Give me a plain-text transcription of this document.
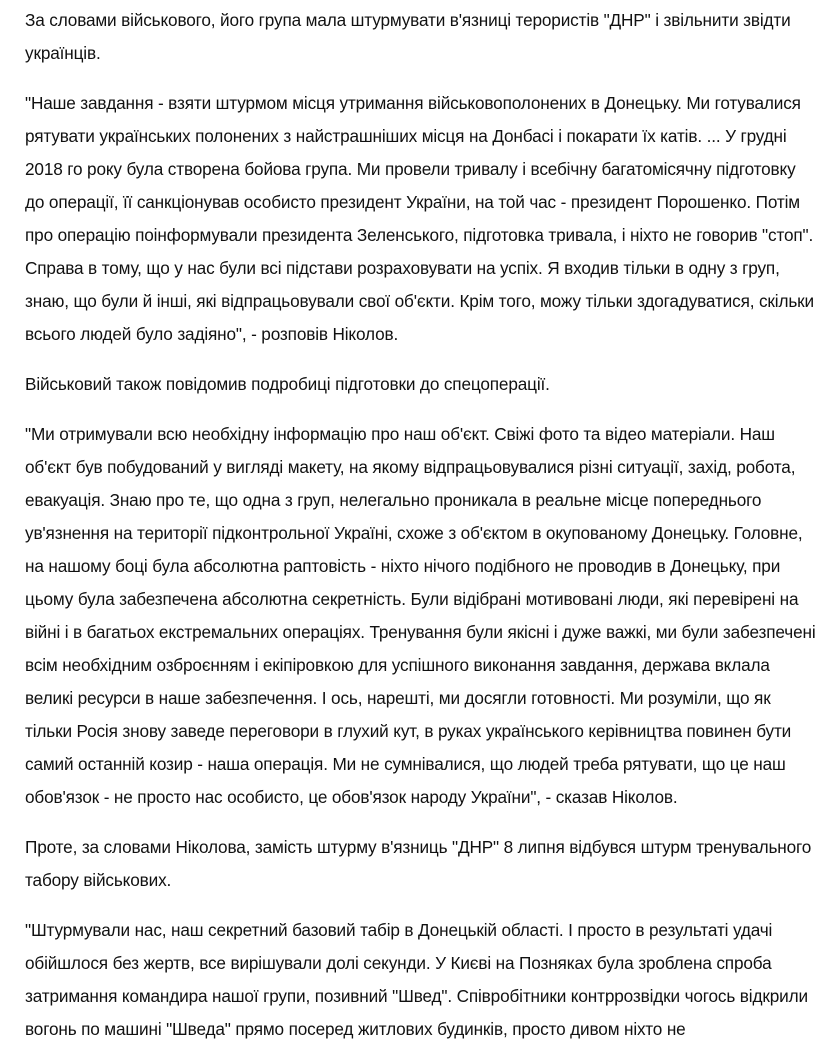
За словами військового, його група мала штурмувати в'язниці терористів "ДНР" і звільнити звідти українців.

"Наше завдання - взяти штурмом місця утримання військовополонених в Донецьку. Ми готувалися рятувати українських полонених з найстрашніших місця на Донбасі і покарати їх катів. ... У грудні 2018 го року була створена бойова група. Ми провели тривалу і всебічну багатомісячну підготовку до операції, її санкціонував особисто президент України, на той час - президент Порошенко. Потім про операцію поінформували президента Зеленського, підготовка тривала, і ніхто не говорив "стоп". Справа в тому, що у нас були всі підстави розраховувати на успіх. Я входив тільки в одну з груп, знаю, що були й інші, які відпрацьовували свої об'єкти. Крім того, можу тільки здогадуватися, скільки всього людей було задіяно", - розповів Ніколов.

Військовий також повідомив подробиці підготовки до спецоперації.

"Ми отримували всю необхідну інформацію про наш об'єкт. Свіжі фото та відео матеріали. Наш об'єкт був побудований у вигляді макету, на якому відпрацьовувалися різні ситуації, захід, робота, евакуація. Знаю про те, що одна з груп, нелегально проникала в реальне місце попереднього ув'язнення на території підконтрольної Україні, схоже з об'єктом в окупованому Донецьку. Головне, на нашому боці була абсолютна раптовість - ніхто нічого подібного не проводив в Донецьку, при цьому була забезпечена абсолютна секретність. Були відібрані мотивовані люди, які перевірені на війні і в багатьох екстремальних операціях. Тренування були якісні і дуже важкі, ми були забезпечені всім необхідним озброєнням і екіпіровкою для успішного виконання завдання, держава вклала великі ресурси в наше забезпечення. І ось, нарешті, ми досягли готовності. Ми розуміли, що як тільки Росія знову заведе переговори в глухий кут, в руках українського керівництва повинен бути самий останній козир - наша операція. Ми не сумнівалися, що людей треба рятувати, що це наш обов'язок - не просто нас особисто, це обов'язок народу України", - сказав Ніколов.

Проте, за словами Ніколова, замість штурму в'язниць "ДНР" 8 липня відбувся штурм тренувального табору військових.

"Штурмували нас, наш секретний базовий табір в Донецькій області. І просто в результаті удачі обійшлося без жертв, все вирішували долі секунди. У Києві на Позняках була зроблена спроба затримання командира нашої групи, позивний "Швед". Співробітники контррозвідки чогось відкрили вогонь по машині "Шведа" прямо посеред житлових будинків, просто дивом ніхто не
